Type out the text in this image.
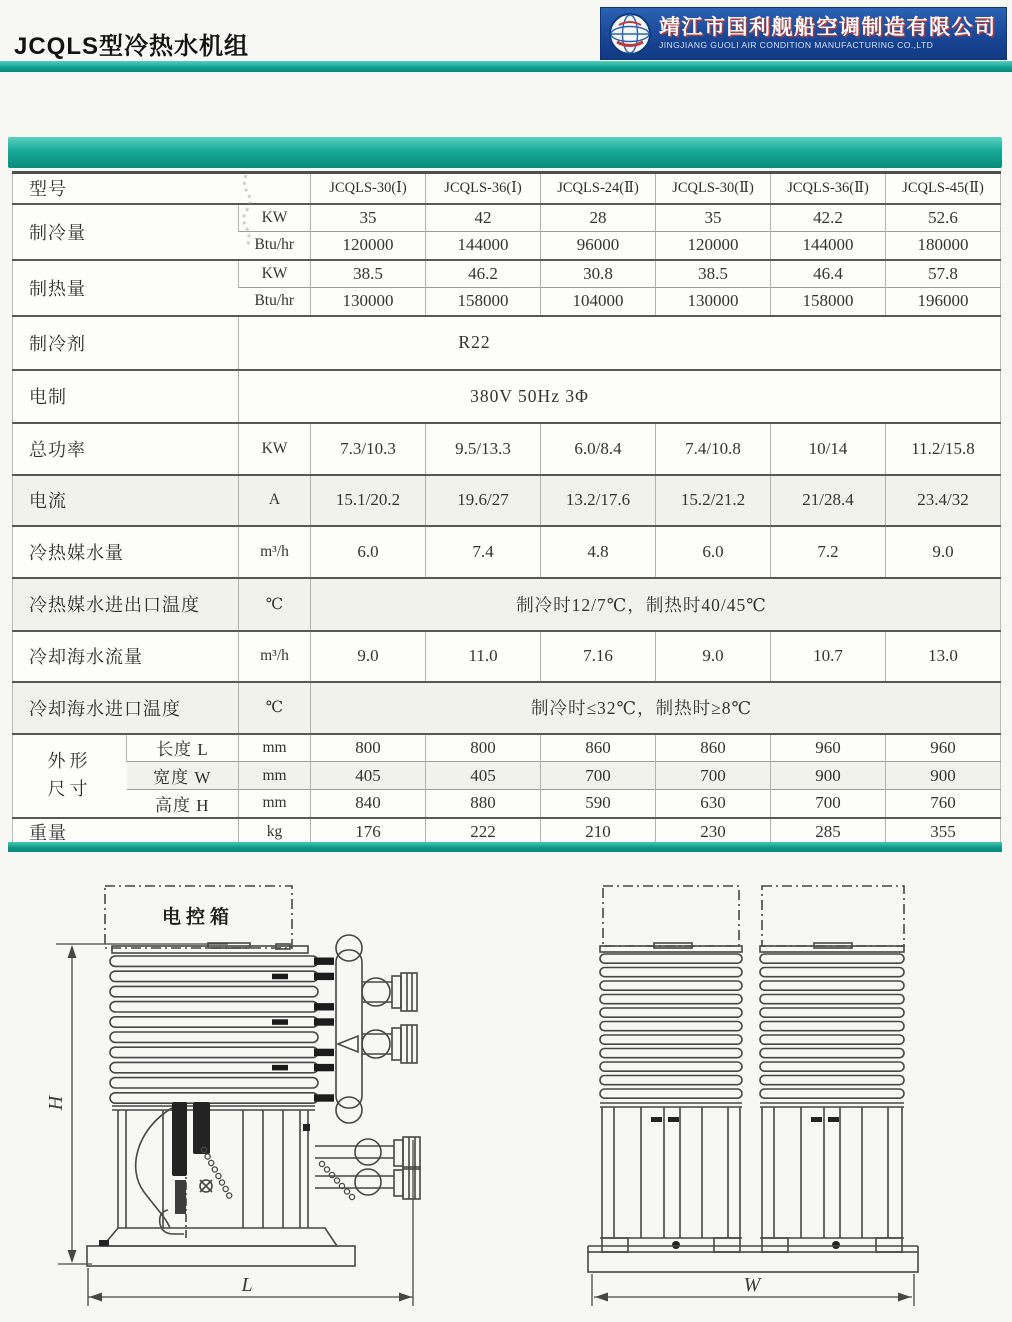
JCQLS型冷热水机组
靖江市国利舰船空调制造有限公司
JINGJIANG GUOLI AIR CONDITION MANUFACTURING CO.,LTD
型号			JCQLS-30(Ⅰ)	JCQLS-36(Ⅰ)	JCQLS-24(Ⅱ)	JCQLS-30(Ⅱ)	JCQLS-36(Ⅱ)	JCQLS-45(Ⅱ)
制冷量		KW	35	42	28	35	42.2	52.6
		Btu/hr	120000	144000	96000	120000	144000	180000
制热量		KW	38.5	46.2	30.8	38.5	46.4	57.8
		Btu/hr	130000	158000	104000	130000	158000	196000
制冷剂		R22						
电制		380V 50Hz 3Φ						
总功率		KW	7.3/10.3	9.5/13.3	6.0/8.4	7.4/10.8	10/14	11.2/15.8
电流		A	15.1/20.2	19.6/27	13.2/17.6	15.2/21.2	21/28.4	23.4/32
冷热媒水量		m³/h	6.0	7.4	4.8	6.0	7.2	9.0
冷热媒水进出口温度		℃	制冷时12/7℃，制热时40/45℃					
冷却海水流量		m³/h	9.0	11.0	7.16	9.0	10.7	13.0
冷却海水进口温度		℃	制冷时≤32℃，制热时≥8℃					
外形
尺寸	长度 L	mm	800	800	860	860	960	960
	宽度 W	mm	405	405	700	700	900	900
	高度 H	mm	840	880	590	630	700	760
重量		kg	176	222	210	230	285	355
H
L
电控箱
W
